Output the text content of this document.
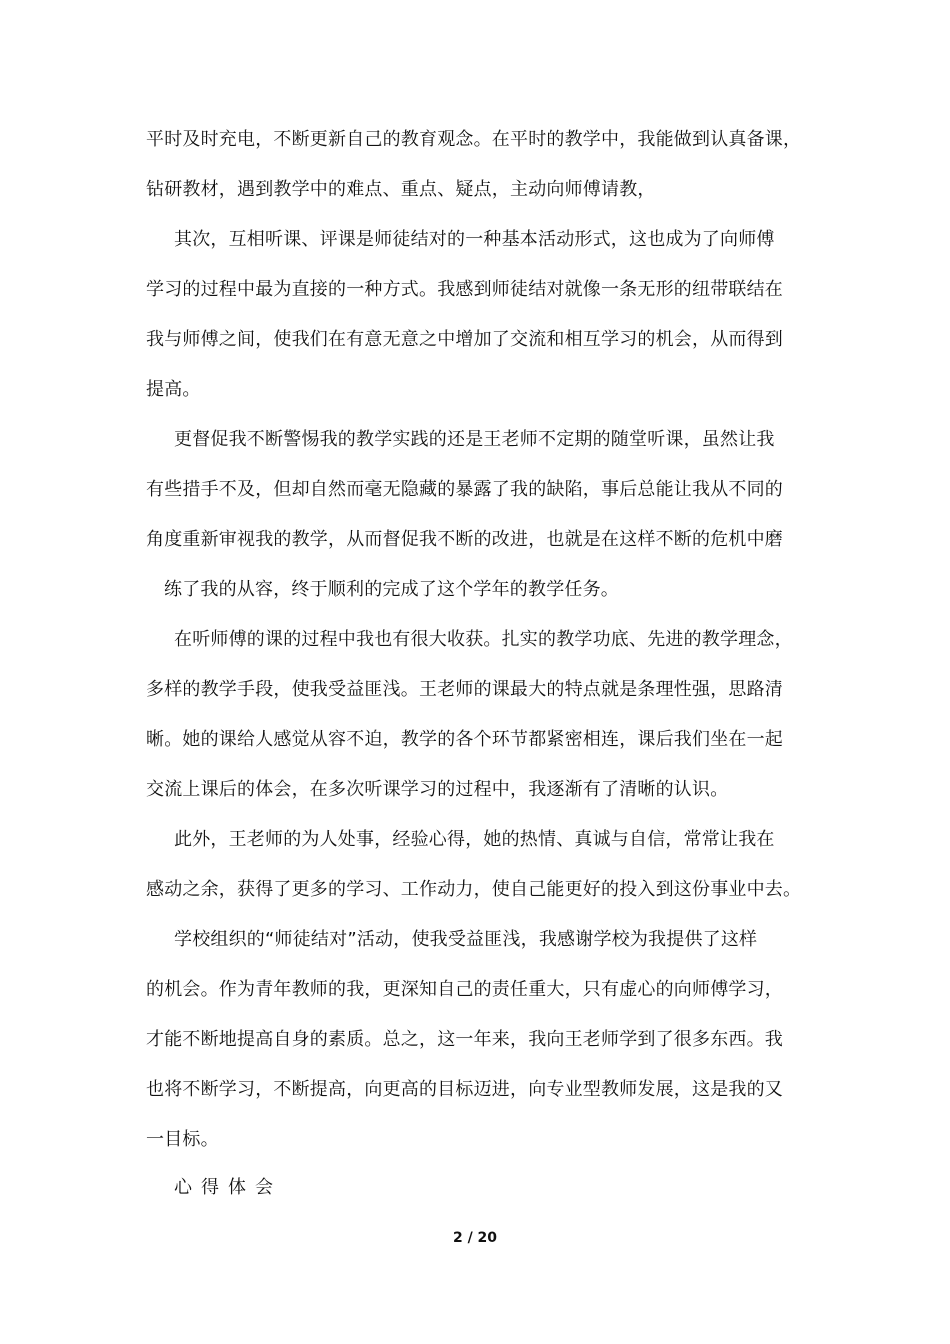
平时及时充电，不断更新自己的教育观念。在平时的教学中，我能做到认真备课，
钻研教材，遇到教学中的难点、重点、疑点，主动向师傅请教，
其次，互相听课、评课是师徒结对的一种基本活动形式，这也成为了向师傅
学习的过程中最为直接的一种方式。我感到师徒结对就像一条无形的纽带联结在
我与师傅之间，使我们在有意无意之中增加了交流和相互学习的机会，从而得到
提高。
更督促我不断警惕我的教学实践的还是王老师不定期的随堂听课，虽然让我
有些措手不及，但却自然而毫无隐藏的暴露了我的缺陷，事后总能让我从不同的
角度重新审视我的教学，从而督促我不断的改进，也就是在这样不断的危机中磨
练了我的从容，终于顺利的完成了这个学年的教学任务。
在听师傅的课的过程中我也有很大收获。扎实的教学功底、先进的教学理念，
多样的教学手段，使我受益匪浅。王老师的课最大的特点就是条理性强，思路清
晰。她的课给人感觉从容不迫，教学的各个环节都紧密相连，课后我们坐在一起
交流上课后的体会，在多次听课学习的过程中，我逐渐有了清晰的认识。
此外，王老师的为人处事，经验心得，她的热情、真诚与自信，常常让我在
感动之余，获得了更多的学习、工作动力，使自己能更好的投入到这份事业中去。
学校组织的“师徒结对”活动，使我受益匪浅，我感谢学校为我提供了这样
的机会。作为青年教师的我，更深知自己的责任重大，只有虚心的向师傅学习，
才能不断地提高自身的素质。总之，这一年来，我向王老师学到了很多东西。我
也将不断学习，不断提高，向更高的目标迈进，向专业型教师发展，这是我的又
一目标。
心得体会
2 / 20
